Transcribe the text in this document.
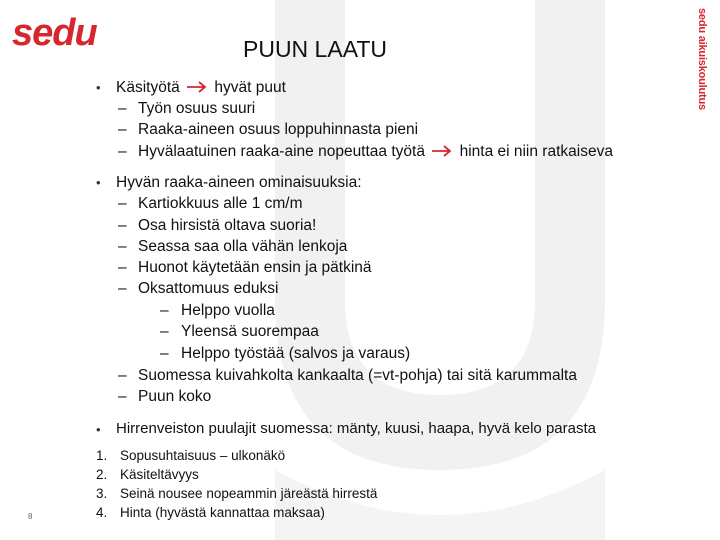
sedu	sedu aikuiskoulutus
PUUN LAATU
• Käsityötä hyvät puut
– Työn osuus suuri
– Raaka-aineen osuus loppuhinnasta pieni
– Hyvälaatuinen raaka-aine nopeuttaa työtä hinta ei niin ratkaiseva
• Hyvän raaka-aineen ominaisuuksia:
– Kartiokkuus alle 1 cm/m
– Osa hirsistä oltava suoria!
– Seassa saa olla vähän lenkoja
– Huonot käytetään ensin ja pätkinä
– Oksattomuus eduksi
– Helppo vuolla
– Yleensä suorempaa
– Helppo työstää (salvos ja varaus)
– Suomessa kuivahkolta kankaalta (=vt-pohja) tai sitä karummalta
– Puun koko
• Hirrenveiston puulajit suomessa: mänty, kuusi, haapa, hyvä kelo parasta
1. Sopusuhtaisuus – ulkonäkö
2. Käsiteltävyys
3. Seinä nousee nopeammin järeästä hirrestä
4. Hinta (hyvästä kannattaa maksaa)
8
